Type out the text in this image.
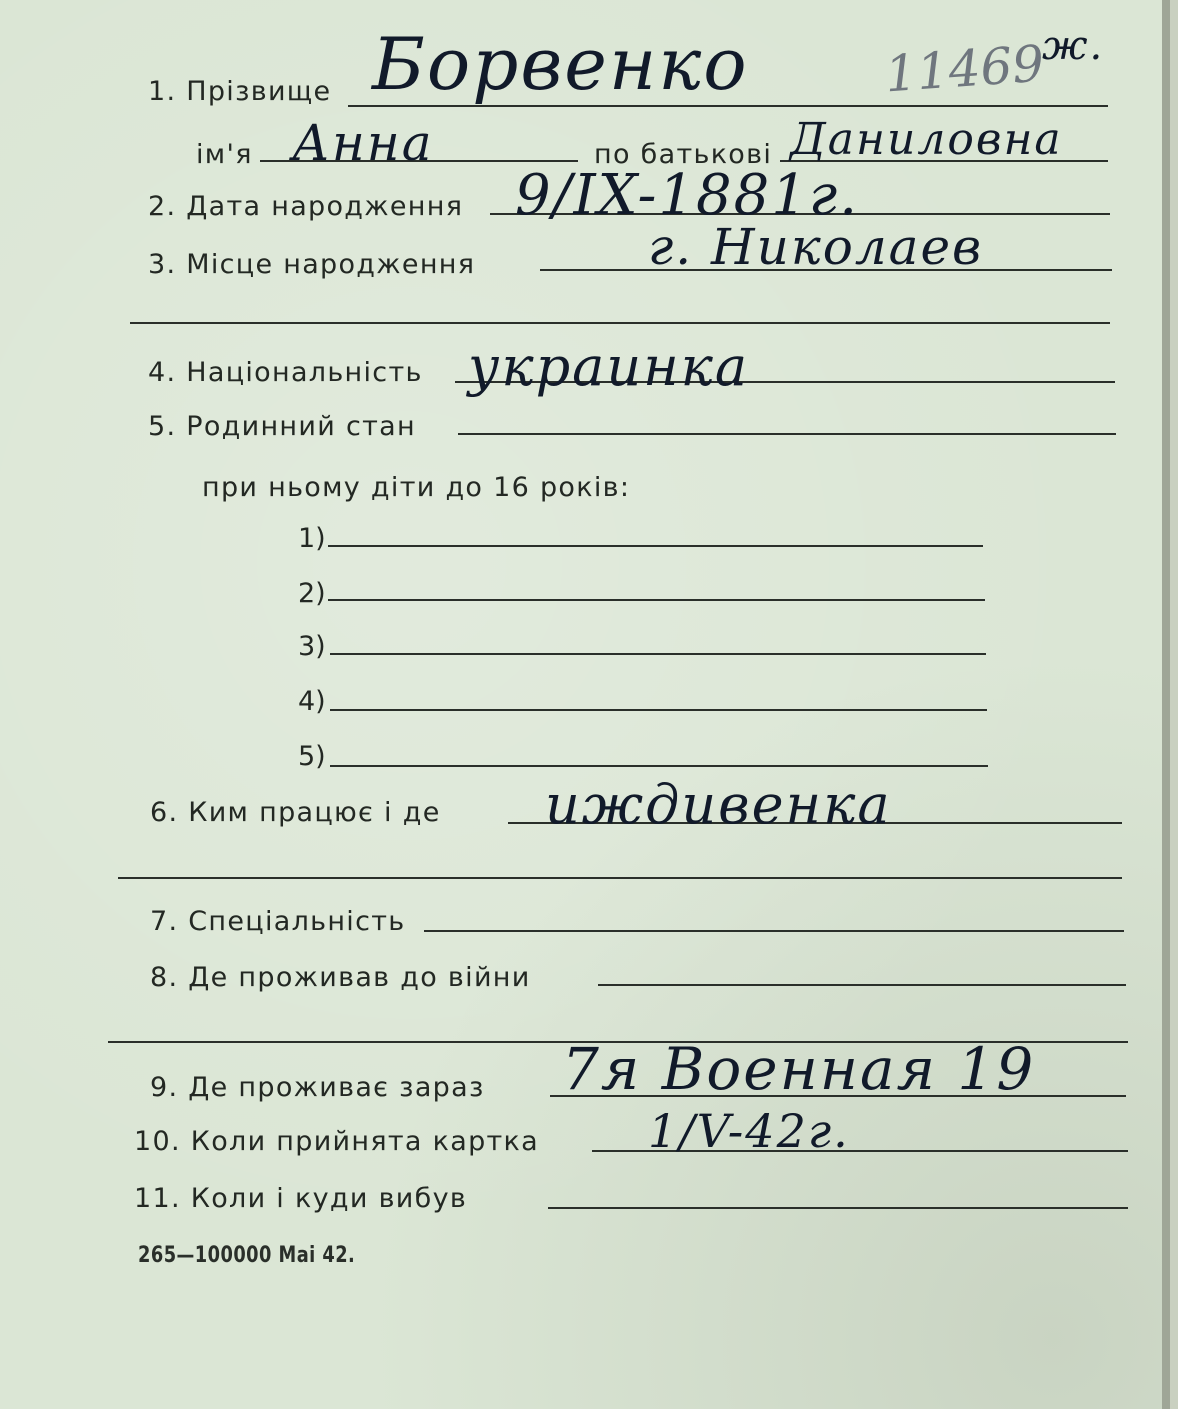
1. Прізвище Борвенко	11469
ж.
ім'я Анна	по батькові Даниловна
2. Дата народження 9/IX-1881г.
3. Місце народження	г. Николаев
4. Національність украинка
5. Родинний стан
при ньому діти до 16 років:
1)
2)
3)
4)
5)
6. Ким працює і де иждивенка
7. Спеціальність
8. Де проживав до війни
9. Де проживає зараз 7я Военная 19
10. Коли прийнята картка 1/V-42г.
11. Коли і куди вибув
265—100000 Mai 42.
